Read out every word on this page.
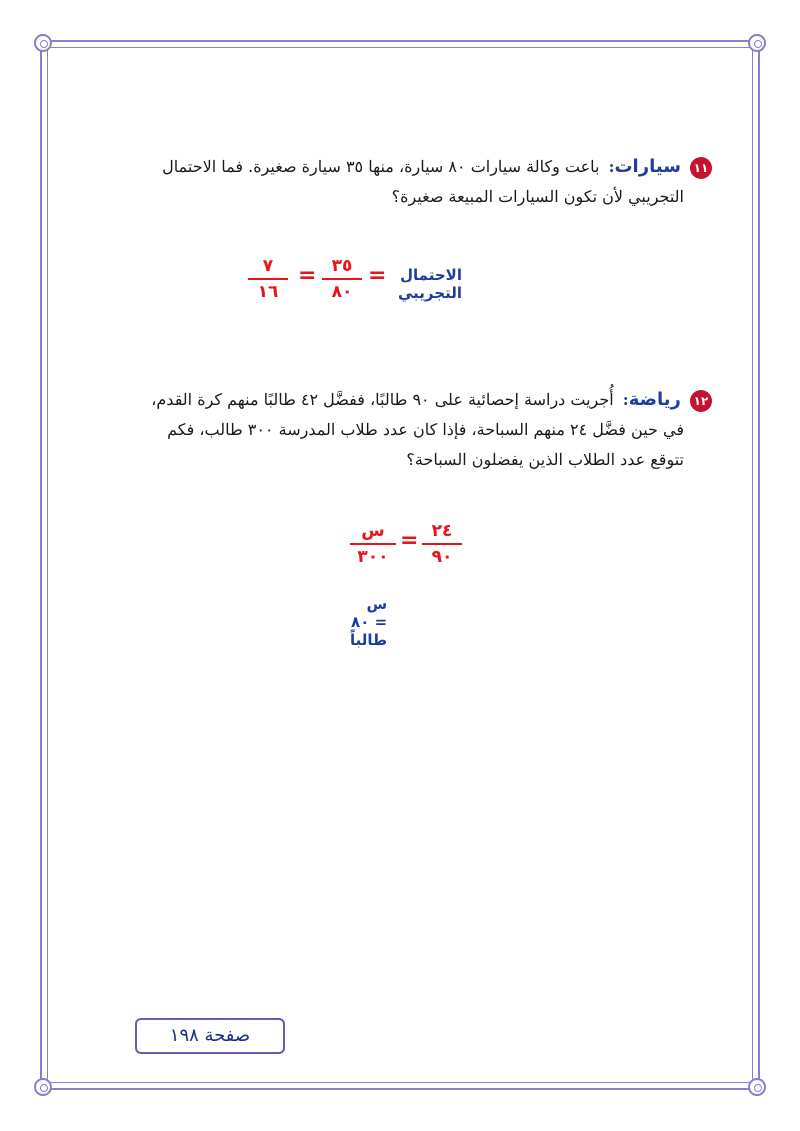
١١ سيارات: باعت وكالة سيارات ٨٠ سيارة، منها ٣٥ سيارة صغيرة. فما الاحتمال
التجريبي لأن تكون السيارات المبيعة صغيرة؟
الاحتمال التجريبي
=
٣٥
٨٠
=
٧
١٦
١٢ رياضة: أُجريت دراسة إحصائية على ٩٠ طالبًا، ففضَّل ٤٢ طالبًا منهم كرة القدم،
في حين فضَّل ٢٤ منهم السباحة، فإذا كان عدد طلاب المدرسة ٣٠٠ طالب، فكم
تتوقع عدد الطلاب الذين يفضلون السباحة؟
٢٤
٩٠
=
س
٣٠٠
س = ٨٠ طالباً
صفحة ١٩٨
